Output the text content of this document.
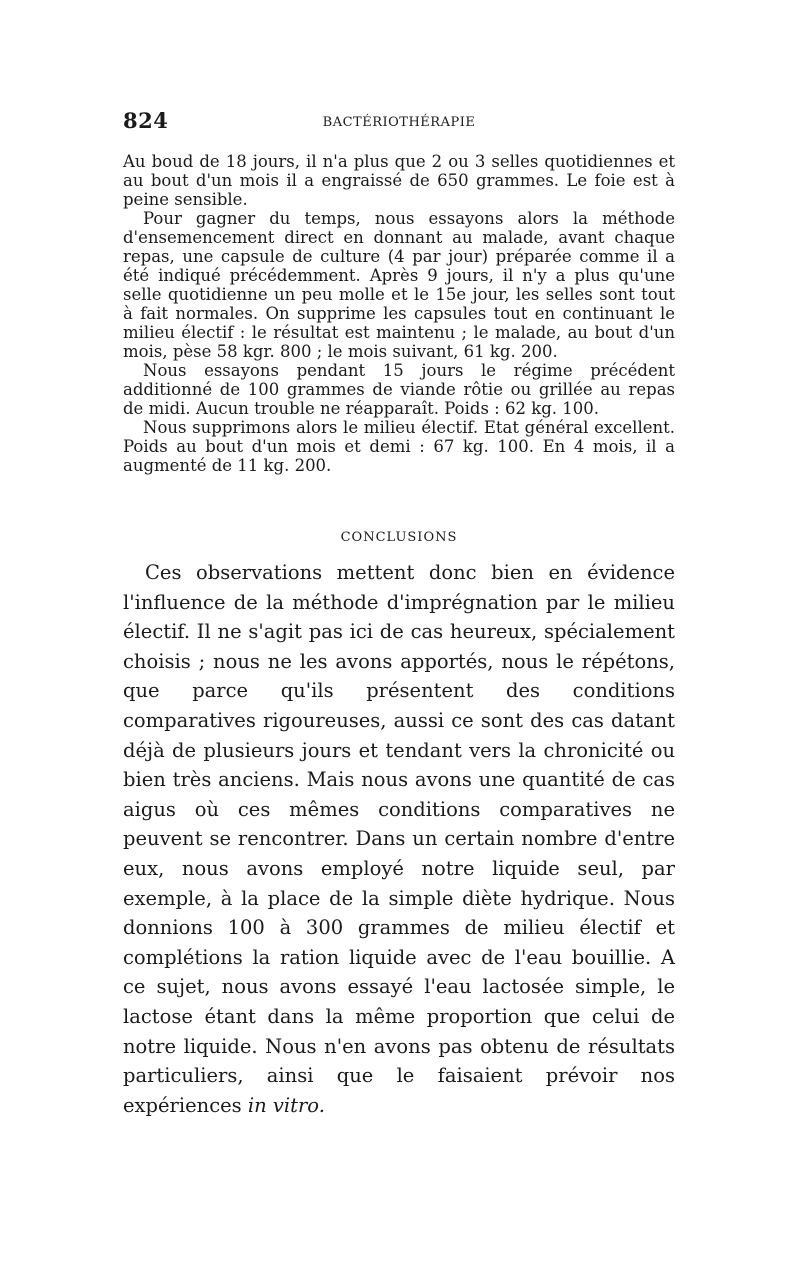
824	BACTÉRIOTHÉRAPIE

Au boud de 18 jours, il n'a plus que 2 ou 3 selles quotidiennes et au bout d'un mois il a engraissé de 650 grammes. Le foie est à peine sensible.

Pour gagner du temps, nous essayons alors la méthode d'ensemencement direct en donnant au malade, avant chaque repas, une capsule de culture (4 par jour) préparée comme il a été indiqué précédemment. Après 9 jours, il n'y a plus qu'une selle quotidienne un peu molle et le 15e jour, les selles sont tout à fait normales. On supprime les capsules tout en continuant le milieu électif : le résultat est maintenu ; le malade, au bout d'un mois, pèse 58 kgr. 800 ; le mois suivant, 61 kg. 200.

Nous essayons pendant 15 jours le régime précédent additionné de 100 grammes de viande rôtie ou grillée au repas de midi. Aucun trouble ne réapparaît. Poids : 62 kg. 100.

Nous supprimons alors le milieu électif. Etat général excellent. Poids au bout d'un mois et demi : 67 kg. 100. En 4 mois, il a augmenté de 11 kg. 200.

CONCLUSIONS

Ces observations mettent donc bien en évidence l'influence de la méthode d'imprégnation par le milieu électif. Il ne s'agit pas ici de cas heureux, spécialement choisis ; nous ne les avons apportés, nous le répétons, que parce qu'ils présentent des conditions comparatives rigoureuses, aussi ce sont des cas datant déjà de plusieurs jours et tendant vers la chronicité ou bien très anciens. Mais nous avons une quantité de cas aigus où ces mêmes conditions comparatives ne peuvent se rencontrer. Dans un certain nombre d'entre eux, nous avons employé notre liquide seul, par exemple, à la place de la simple diète hydrique. Nous donnions 100 à 300 grammes de milieu électif et complétions la ration liquide avec de l'eau bouillie. A ce sujet, nous avons essayé l'eau lactosée simple, le lactose étant dans la même proportion que celui de notre liquide. Nous n'en avons pas obtenu de résultats particuliers, ainsi que le faisaient prévoir nos expériences in vitro.
